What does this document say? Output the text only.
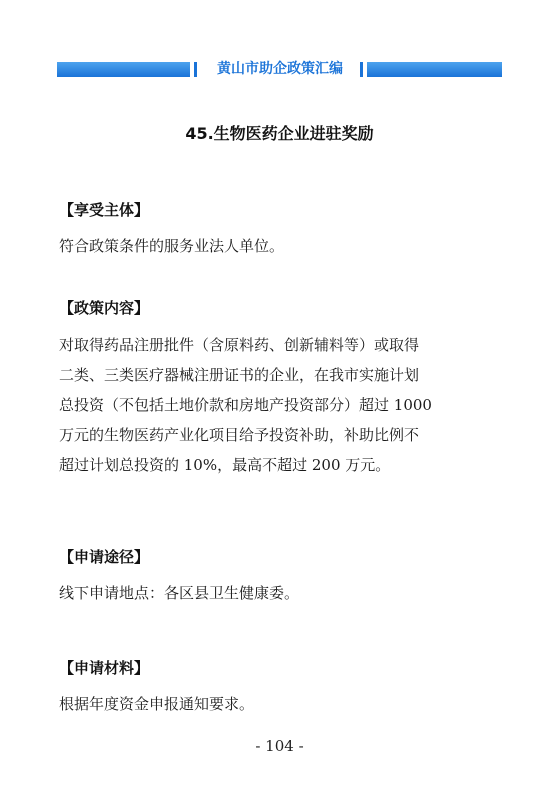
黄山市助企政策汇编
45.生物医药企业进驻奖励
【享受主体】
符合政策条件的服务业法人单位。
【政策内容】
对取得药品注册批件（含原料药、创新辅料等）或取得
二类、三类医疗器械注册证书的企业，在我市实施计划
总投资（不包括土地价款和房地产投资部分）超过 1000
万元的生物医药产业化项目给予投资补助，补助比例不
超过计划总投资的 10%，最高不超过 200 万元。
【申请途径】
线下申请地点：各区县卫生健康委。
【申请材料】
根据年度资金申报通知要求。
- 104 -
